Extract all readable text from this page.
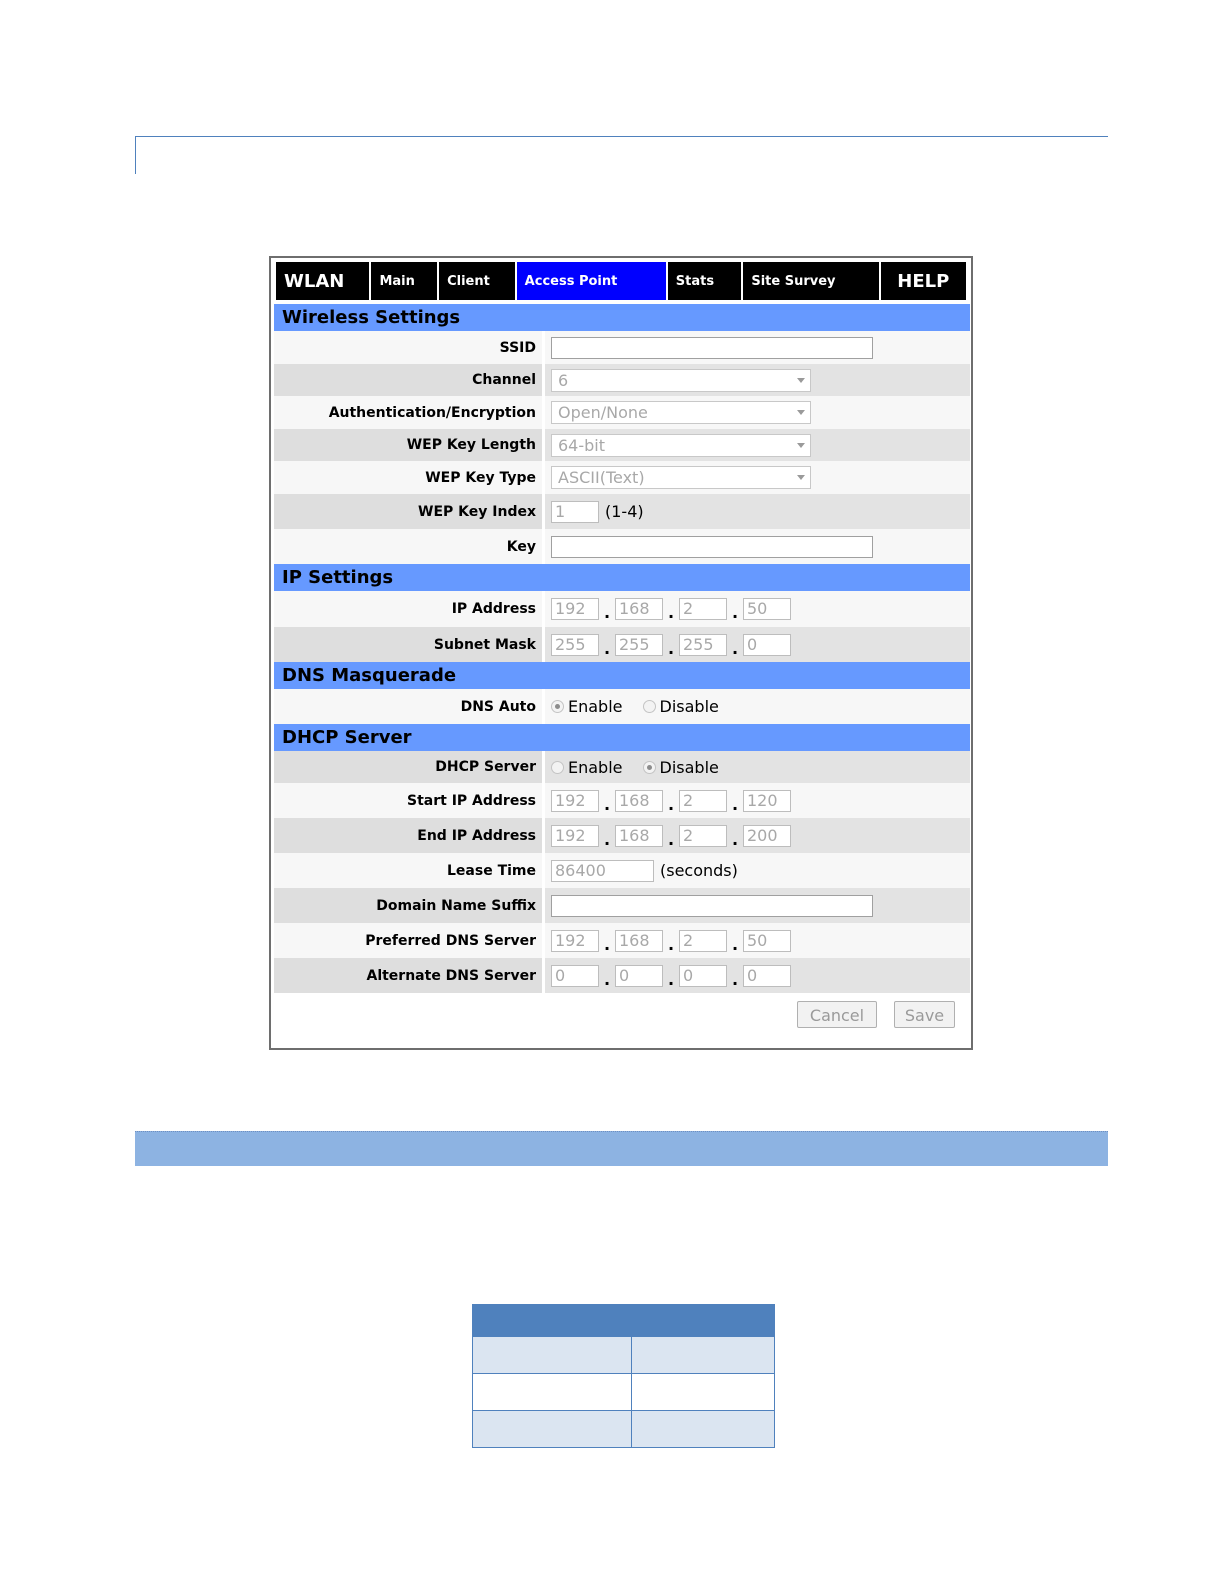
WLAN	Main	Client	Access Point	Stats	Site Survey	HELP
Wireless Settings
SSID
Channel	6
Authentication/Encryption	Open/None
WEP Key Length	64-bit
WEP Key Type	ASCII(Text)
WEP Key Index	1	(1-4)
Key
IP Settings
IP Address	192	. 168	. 2	. 50
Subnet Mask	255	. 255	. 255	. 0
DNS Masquerade
DNS Auto	Enable Disable
DHCP Server
DHCP Server	Enable Disable
Start IP Address	192	. 168	. 2	. 120
End IP Address	192	. 168	. 2	. 200
Lease Time	86400	(seconds)
Domain Name Suffix
Preferred DNS Server	192	. 168	. 2	. 50
Alternate DNS Server	0	. 0	. 0	. 0
Cancel	Save
